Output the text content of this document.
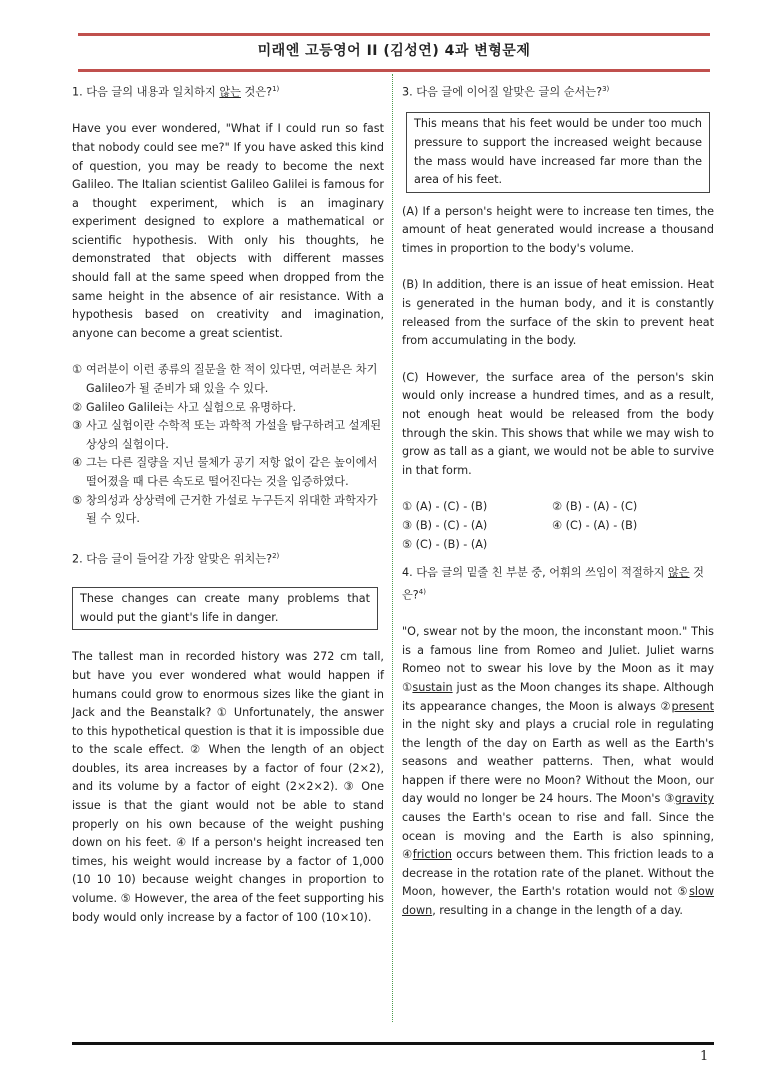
미래엔 고등영어 II (김성연) 4과 변형문제

1. 다음 글의 내용과 일치하지 않는 것은?$^{1)}$

Have you ever wondered, "What if I could run so fast that nobody could see me?" If you have asked this kind of question, you may be ready to become the next Galileo. The Italian scientist Galileo Galilei is famous for a thought experiment, which is an imaginary experiment designed to explore a mathematical or scientific hypothesis. With only his thoughts, he demonstrated that objects with different masses should fall at the same speed when dropped from the same height in the absence of air resistance. With a hypothesis based on creativity and imagination, anyone can become a great scientist.

① 여러분이 이런 종류의 질문을 한 적이 있다면, 여러분은 차기 Galileo가 될 준비가 돼 있을 수 있다.

② Galileo Galilei는 사고 실험으로 유명하다.

③ 사고 실험이란 수학적 또는 과학적 가설을 탐구하려고 설계된 상상의 실험이다.

④ 그는 다른 질량을 지닌 물체가 공기 저항 없이 같은 높이에서 떨어졌을 때 다른 속도로 떨어진다는 것을 입증하였다.

⑤ 창의성과 상상력에 근거한 가설로 누구든지 위대한 과학자가 될 수 있다.

2. 다음 글이 들어갈 가장 알맞은 위치는?$^{2)}$

These changes can create many problems that would put the giant's life in danger.

The tallest man in recorded history was 272 cm tall, but have you ever wondered what would happen if humans could grow to enormous sizes like the giant in Jack and the Beanstalk? ① Unfortunately, the answer to this hypothetical question is that it is impossible due to the scale effect. ② When the length of an object doubles, its area increases by a factor of four (2×2), and its volume by a factor of eight (2×2×2). ③ One issue is that the giant would not be able to stand properly on his own because of the weight pushing down on his feet. ④ If a person's height increased ten times, his weight would increase by a factor of 1,000 (10 10 10) because weight changes in proportion to volume. ⑤ However, the area of the feet supporting his body would only increase by a factor of 100 (10×10).

3. 다음 글에 이어질 알맞은 글의 순서는?$^{3)}$

This means that his feet would be under too much pressure to support the increased weight because the mass would have increased far more than the area of his feet.

(A) If a person's height were to increase ten times, the amount of heat generated would increase a thousand times in proportion to the body's volume.

(B) In addition, there is an issue of heat emission. Heat is generated in the human body, and it is constantly released from the surface of the skin to prevent heat from accumulating in the body.

(C) However, the surface area of the person's skin would only increase a hundred times, and as a result, not enough heat would be released from the body through the skin. This shows that while we may wish to grow as tall as a giant, we would not be able to survive in that form.

① (A) - (C) - (B)	② (B) - (A) - (C)
③ (B) - (C) - (A)	④ (C) - (A) - (B)
⑤ (C) - (B) - (A)

4. 다음 글의 밑줄 친 부분 중, 어휘의 쓰임이 적절하지 않은 것은?$^{4)}$

"O, swear not by the moon, the inconstant moon." This is a famous line from Romeo and Juliet. Juliet warns Romeo not to swear his love by the Moon as it may ①sustain just as the Moon changes its shape. Although its appearance changes, the Moon is always ②present in the night sky and plays a crucial role in regulating the length of the day on Earth as well as the Earth's seasons and weather patterns. Then, what would happen if there were no Moon? Without the Moon, our day would no longer be 24 hours. The Moon's ③gravity causes the Earth's ocean to rise and fall. Since the ocean is moving and the Earth is also spinning, ④friction occurs between them. This friction leads to a decrease in the rotation rate of the planet. Without the Moon, however, the Earth's rotation would not ⑤slow down, resulting in a change in the length of a day.

1
